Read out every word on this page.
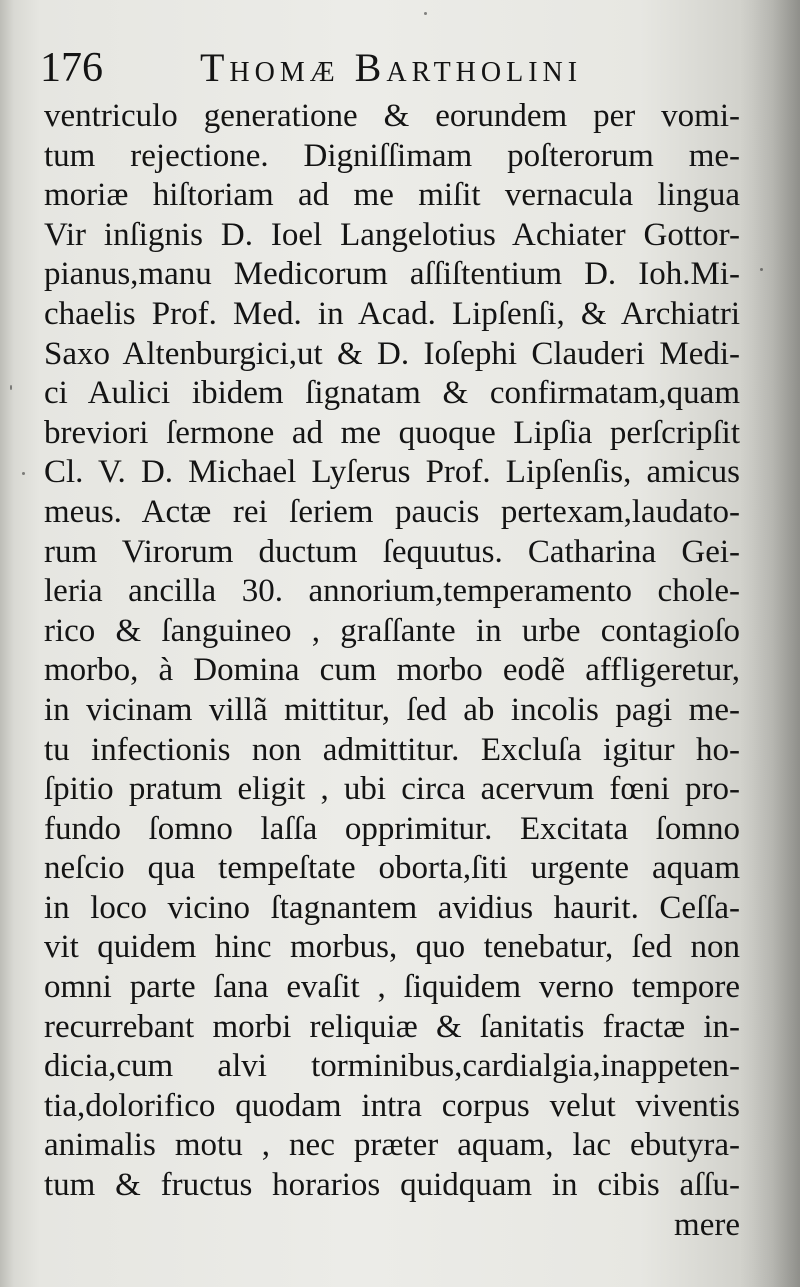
176 Thomæ Bartholini
ventriculo generatione & eorundem per vomi-
tum rejectione. Digniſſimam poſterorum me-
moriæ hiſtoriam ad me miſit vernacula lingua
Vir inſignis D. Ioel Langelotius Achiater Gottor-
pianus,manu Medicorum aſſiſtentium D. Ioh.Mi-
chaelis Prof. Med. in Acad. Lipſenſi, & Archiatri
Saxo Altenburgici,ut & D. Ioſephi Clauderi Medi-
ci Aulici ibidem ſignatam & confirmatam,quam
breviori ſermone ad me quoque Lipſia perſcripſit
Cl. V. D. Michael Lyſerus Prof. Lipſenſis, amicus
meus. Actæ rei ſeriem paucis pertexam,laudato-
rum Virorum ductum ſequutus. Catharina Gei-
leria ancilla 30. annorium,temperamento chole-
rico & ſanguineo , graſſante in urbe contagioſo
morbo, à Domina cum morbo eodẽ affligeretur,
in vicinam villã mittitur, ſed ab incolis pagi me-
tu infectionis non admittitur. Excluſa igitur ho-
ſpitio pratum eligit , ubi circa acervum fœni pro-
fundo ſomno laſſa opprimitur. Excitata ſomno
neſcio qua tempeſtate oborta,ſiti urgente aquam
in loco vicino ſtagnantem avidius haurit. Ceſſa-
vit quidem hinc morbus, quo tenebatur, ſed non
omni parte ſana evaſit , ſiquidem verno tempore
recurrebant morbi reliquiæ & ſanitatis fractæ in-
dicia,cum alvi torminibus,cardialgia,inappeten-
tia,dolorifico quodam intra corpus velut viventis
animalis motu , nec præter aquam, lac ebutyra-
tum & fructus horarios quidquam in cibis aſſu-
mere
